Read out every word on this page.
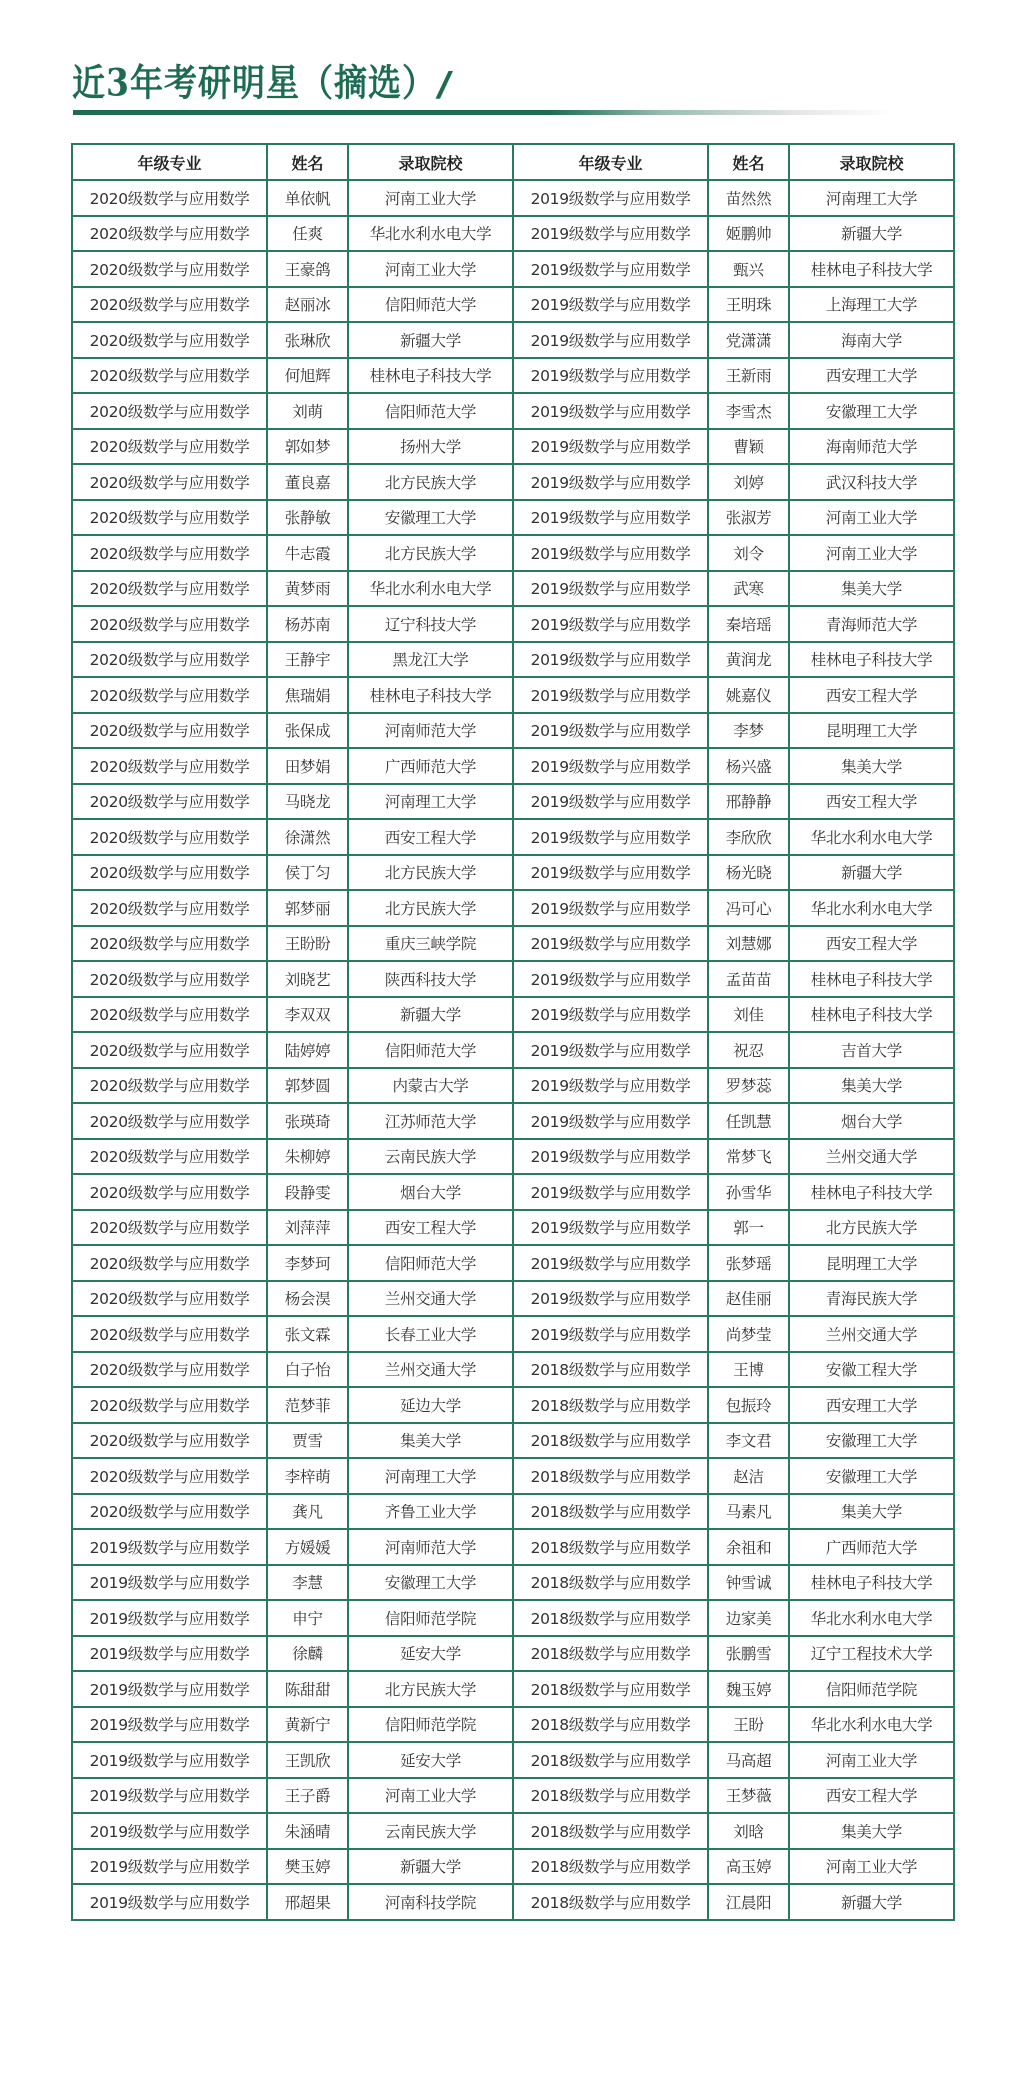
近3年考研明星（摘选）///
年级专业	姓名	录取院校	年级专业	姓名	录取院校
2020级数学与应用数学	单依帆	河南工业大学	2019级数学与应用数学	苗然然	河南理工大学
2020级数学与应用数学	任爽	华北水利水电大学	2019级数学与应用数学	姬鹏帅	新疆大学
2020级数学与应用数学	王豪鸽	河南工业大学	2019级数学与应用数学	甄兴	桂林电子科技大学
2020级数学与应用数学	赵丽冰	信阳师范大学	2019级数学与应用数学	王明珠	上海理工大学
2020级数学与应用数学	张琳欣	新疆大学	2019级数学与应用数学	党潇潇	海南大学
2020级数学与应用数学	何旭辉	桂林电子科技大学	2019级数学与应用数学	王新雨	西安理工大学
2020级数学与应用数学	刘萌	信阳师范大学	2019级数学与应用数学	李雪杰	安徽理工大学
2020级数学与应用数学	郭如梦	扬州大学	2019级数学与应用数学	曹颖	海南师范大学
2020级数学与应用数学	董良嘉	北方民族大学	2019级数学与应用数学	刘婷	武汉科技大学
2020级数学与应用数学	张静敏	安徽理工大学	2019级数学与应用数学	张淑芳	河南工业大学
2020级数学与应用数学	牛志霞	北方民族大学	2019级数学与应用数学	刘令	河南工业大学
2020级数学与应用数学	黄梦雨	华北水利水电大学	2019级数学与应用数学	武寒	集美大学
2020级数学与应用数学	杨苏南	辽宁科技大学	2019级数学与应用数学	秦培瑶	青海师范大学
2020级数学与应用数学	王静宇	黑龙江大学	2019级数学与应用数学	黄润龙	桂林电子科技大学
2020级数学与应用数学	焦瑞娟	桂林电子科技大学	2019级数学与应用数学	姚嘉仪	西安工程大学
2020级数学与应用数学	张保成	河南师范大学	2019级数学与应用数学	李梦	昆明理工大学
2020级数学与应用数学	田梦娟	广西师范大学	2019级数学与应用数学	杨兴盛	集美大学
2020级数学与应用数学	马晓龙	河南理工大学	2019级数学与应用数学	邢静静	西安工程大学
2020级数学与应用数学	徐潇然	西安工程大学	2019级数学与应用数学	李欣欣	华北水利水电大学
2020级数学与应用数学	侯丁匀	北方民族大学	2019级数学与应用数学	杨光晓	新疆大学
2020级数学与应用数学	郭梦丽	北方民族大学	2019级数学与应用数学	冯可心	华北水利水电大学
2020级数学与应用数学	王盼盼	重庆三峡学院	2019级数学与应用数学	刘慧娜	西安工程大学
2020级数学与应用数学	刘晓艺	陕西科技大学	2019级数学与应用数学	孟苗苗	桂林电子科技大学
2020级数学与应用数学	李双双	新疆大学	2019级数学与应用数学	刘佳	桂林电子科技大学
2020级数学与应用数学	陆婷婷	信阳师范大学	2019级数学与应用数学	祝忍	吉首大学
2020级数学与应用数学	郭梦圆	内蒙古大学	2019级数学与应用数学	罗梦蕊	集美大学
2020级数学与应用数学	张瑛琦	江苏师范大学	2019级数学与应用数学	任凯慧	烟台大学
2020级数学与应用数学	朱柳婷	云南民族大学	2019级数学与应用数学	常梦飞	兰州交通大学
2020级数学与应用数学	段静雯	烟台大学	2019级数学与应用数学	孙雪华	桂林电子科技大学
2020级数学与应用数学	刘萍萍	西安工程大学	2019级数学与应用数学	郭一	北方民族大学
2020级数学与应用数学	李梦珂	信阳师范大学	2019级数学与应用数学	张梦瑶	昆明理工大学
2020级数学与应用数学	杨会淏	兰州交通大学	2019级数学与应用数学	赵佳丽	青海民族大学
2020级数学与应用数学	张文霖	长春工业大学	2019级数学与应用数学	尚梦莹	兰州交通大学
2020级数学与应用数学	白子怡	兰州交通大学	2018级数学与应用数学	王博	安徽工程大学
2020级数学与应用数学	范梦菲	延边大学	2018级数学与应用数学	包振玲	西安理工大学
2020级数学与应用数学	贾雪	集美大学	2018级数学与应用数学	李文君	安徽理工大学
2020级数学与应用数学	李梓萌	河南理工大学	2018级数学与应用数学	赵洁	安徽理工大学
2020级数学与应用数学	龚凡	齐鲁工业大学	2018级数学与应用数学	马素凡	集美大学
2019级数学与应用数学	方媛媛	河南师范大学	2018级数学与应用数学	余祖和	广西师范大学
2019级数学与应用数学	李慧	安徽理工大学	2018级数学与应用数学	钟雪诚	桂林电子科技大学
2019级数学与应用数学	申宁	信阳师范学院	2018级数学与应用数学	边家美	华北水利水电大学
2019级数学与应用数学	徐麟	延安大学	2018级数学与应用数学	张鹏雪	辽宁工程技术大学
2019级数学与应用数学	陈甜甜	北方民族大学	2018级数学与应用数学	魏玉婷	信阳师范学院
2019级数学与应用数学	黄新宁	信阳师范学院	2018级数学与应用数学	王盼	华北水利水电大学
2019级数学与应用数学	王凯欣	延安大学	2018级数学与应用数学	马高超	河南工业大学
2019级数学与应用数学	王子爵	河南工业大学	2018级数学与应用数学	王梦薇	西安工程大学
2019级数学与应用数学	朱涵晴	云南民族大学	2018级数学与应用数学	刘晗	集美大学
2019级数学与应用数学	樊玉婷	新疆大学	2018级数学与应用数学	高玉婷	河南工业大学
2019级数学与应用数学	邢超果	河南科技学院	2018级数学与应用数学	江晨阳	新疆大学
